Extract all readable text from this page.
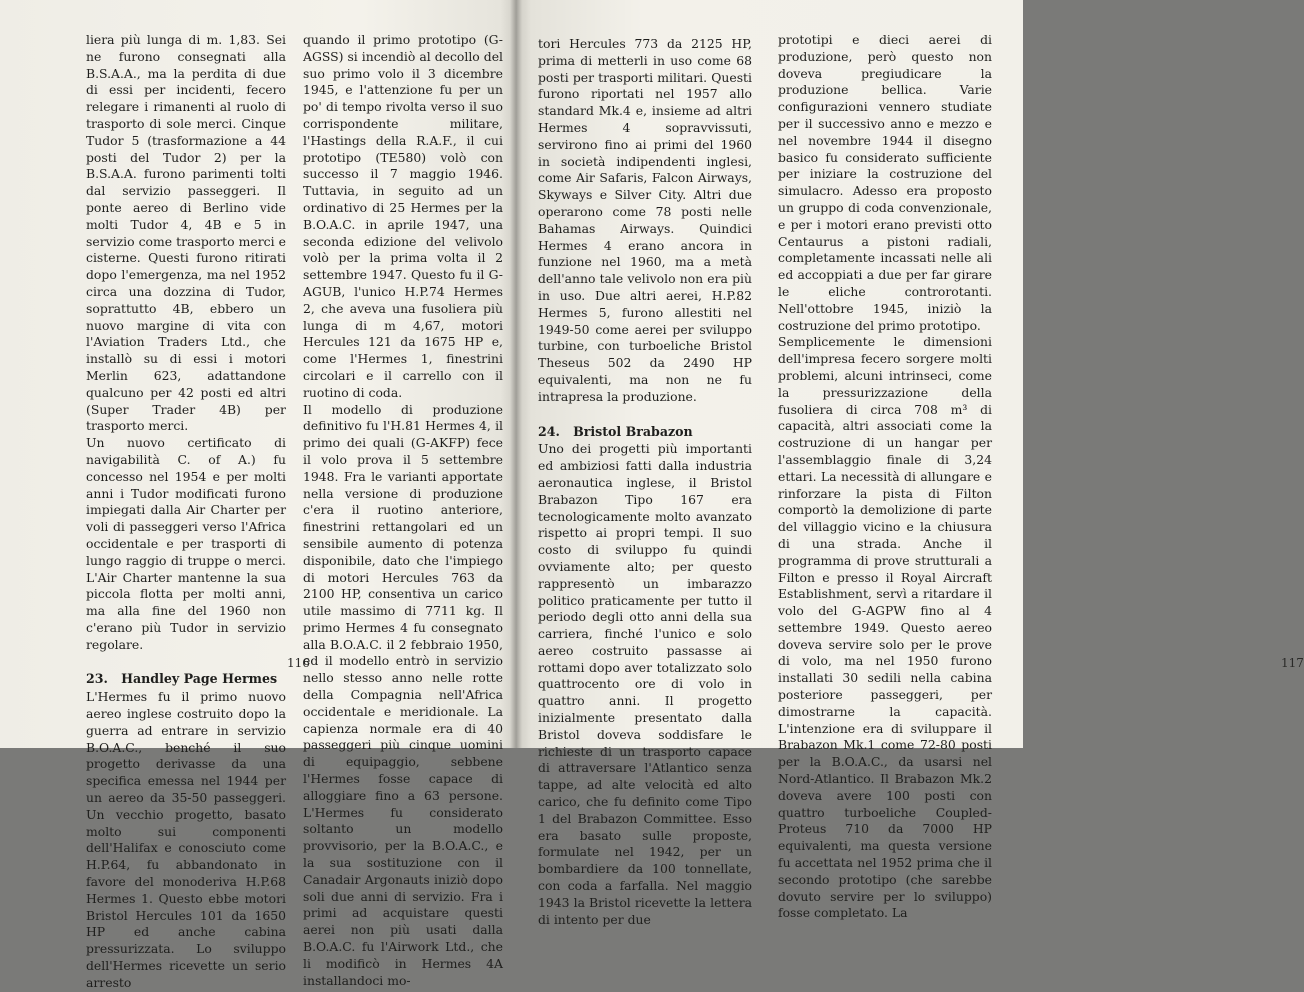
liera più lunga di m. 1,83. Sei ne furono consegnati alla B.S.A.A., ma la perdita di due di essi per incidenti, fecero relegare i rimanenti al ruolo di trasporto di sole merci. Cinque Tudor 5 (trasformazione a 44 posti del Tudor 2) per la B.S.A.A. furono parimenti tolti dal servizio passeggeri. Il ponte aereo di Berlino vide molti Tudor 4, 4B e 5 in servizio come trasporto merci e cisterne. Questi furono ritirati dopo l'emergenza, ma nel 1952 circa una dozzina di Tudor, soprattutto 4B, ebbero un nuovo margine di vita con l'Aviation Traders Ltd., che installò su di essi i motori Merlin 623, adattandone qualcuno per 42 posti ed altri (Super Trader 4B) per trasporto merci.

Un nuovo certificato di navigabilità C. of A.) fu concesso nel 1954 e per molti anni i Tudor modificati furono impiegati dalla Air Charter per voli di passeggeri verso l'Africa occidentale e per trasporti di lungo raggio di truppe o merci. L'Air Charter mantenne la sua piccola flotta per molti anni, ma alla fine del 1960 non c'erano più Tudor in servizio regolare.

23.   Handley Page Hermes

L'Hermes fu il primo nuovo aereo inglese costruito dopo la guerra ad entrare in servizio B.O.A.C., benché il suo progetto derivasse da una specifica emessa nel 1944 per un aereo da 35-50 passeggeri. Un vecchio progetto, basato molto sui componenti dell'Halifax e conosciuto come H.P.64, fu abbandonato in favore del monoderiva H.P.68 Hermes 1. Questo ebbe motori Bristol Hercules 101 da 1650 HP ed anche cabina pressurizzata. Lo sviluppo dell'Hermes ricevette un serio arresto

quando il primo prototipo (G-AGSS) si incendiò al decollo del suo primo volo il 3 dicembre 1945, e l'attenzione fu per un po' di tempo rivolta verso il suo corrispondente militare, l'Hastings della R.A.F., il cui prototipo (TE580) volò con successo il 7 maggio 1946. Tuttavia, in seguito ad un ordinativo di 25 Hermes per la B.O.A.C. in aprile 1947, una seconda edizione del velivolo volò per la prima volta il 2 settembre 1947. Questo fu il G-AGUB, l'unico H.P.74 Hermes 2, che aveva una fusoliera più lunga di m 4,67, motori Hercules 121 da 1675 HP e, come l'Hermes 1, finestrini circolari e il carrello con il ruotino di coda.

Il modello di produzione definitivo fu l'H.81 Hermes 4, il primo dei quali (G-AKFP) fece il volo prova il 5 settembre 1948. Fra le varianti apportate nella versione di produzione c'era il ruotino anteriore, finestrini rettangolari ed un sensibile aumento di potenza disponibile, dato che l'impiego di motori Hercules 763 da 2100 HP, consentiva un carico utile massimo di 7711 kg. Il primo Hermes 4 fu consegnato alla B.O.A.C. il 2 febbraio 1950, ed il modello entrò in servizio nello stesso anno nelle rotte della Compagnia nell'Africa occidentale e meridionale. La capienza normale era di 40 passeggeri più cinque uomini di equipaggio, sebbene l'Hermes fosse capace di alloggiare fino a 63 persone. L'Hermes fu considerato soltanto un modello provvisorio, per la B.O.A.C., e la sua sostituzione con il Canadair Argonauts iniziò dopo soli due anni di servizio. Fra i primi ad acquistare questi aerei non più usati dalla B.O.A.C. fu l'Airwork Ltd., che li modificò in Hermes 4A installandoci mo-

116

tori Hercules 773 da 2125 HP, prima di metterli in uso come 68 posti per trasporti militari. Questi furono riportati nel 1957 allo standard Mk.4 e, insieme ad altri Hermes 4 sopravvissuti, servirono fino ai primi del 1960 in società indipendenti inglesi, come Air Safaris, Falcon Airways, Skyways e Silver City. Altri due operarono come 78 posti nelle Bahamas Airways. Quindici Hermes 4 erano ancora in funzione nel 1960, ma a metà dell'anno tale velivolo non era più in uso. Due altri aerei, H.P.82 Hermes 5, furono allestiti nel 1949-50 come aerei per sviluppo turbine, con turboeliche Bristol Theseus 502 da 2490 HP equivalenti, ma non ne fu intrapresa la produzione.

24.   Bristol Brabazon

Uno dei progetti più importanti ed ambiziosi fatti dalla industria aeronautica inglese, il Bristol Brabazon Tipo 167 era tecnologicamente molto avanzato rispetto ai propri tempi. Il suo costo di sviluppo fu quindi ovviamente alto; per questo rappresentò un imbarazzo politico praticamente per tutto il periodo degli otto anni della sua carriera, finché l'unico e solo aereo costruito passasse ai rottami dopo aver totalizzato solo quattrocento ore di volo in quattro anni. Il progetto inizialmente presentato dalla Bristol doveva soddisfare le richieste di un trasporto capace di attraversare l'Atlantico senza tappe, ad alte velocità ed alto carico, che fu definito come Tipo 1 del Brabazon Committee. Esso era basato sulle proposte, formulate nel 1942, per un bombardiere da 100 tonnellate, con coda a farfalla. Nel maggio 1943 la Bristol ricevette la lettera di intento per due

prototipi e dieci aerei di produzione, però questo non doveva pregiudicare la produzione bellica. Varie configurazioni vennero studiate per il successivo anno e mezzo e nel novembre 1944 il disegno basico fu considerato sufficiente per iniziare la costruzione del simulacro. Adesso era proposto un gruppo di coda convenzionale, e per i motori erano previsti otto Centaurus a pistoni radiali, completamente incassati nelle ali ed accoppiati a due per far girare le eliche controrotanti. Nell'ottobre 1945, iniziò la costruzione del primo prototipo.

Semplicemente le dimensioni dell'impresa fecero sorgere molti problemi, alcuni intrinseci, come la pressurizzazione della fusoliera di circa 708 m³ di capacità, altri associati come la costruzione di un hangar per l'assemblaggio finale di 3,24 ettari. La necessità di allungare e rinforzare la pista di Filton comportò la demolizione di parte del villaggio vicino e la chiusura di una strada. Anche il programma di prove strutturali a Filton e presso il Royal Aircraft Establishment, servì a ritardare il volo del G-AGPW fino al 4 settembre 1949. Questo aereo doveva servire solo per le prove di volo, ma nel 1950 furono installati 30 sedili nella cabina posteriore passeggeri, per dimostrarne la capacità. L'intenzione era di sviluppare il Brabazon Mk.1 come 72-80 posti per la B.O.A.C., da usarsi nel Nord-Atlantico. Il Brabazon Mk.2 doveva avere 100 posti con quattro turboeliche Coupled-Proteus 710 da 7000 HP equivalenti, ma questa versione fu accettata nel 1952 prima che il secondo prototipo (che sarebbe dovuto servire per lo sviluppo) fosse completato. La

117
